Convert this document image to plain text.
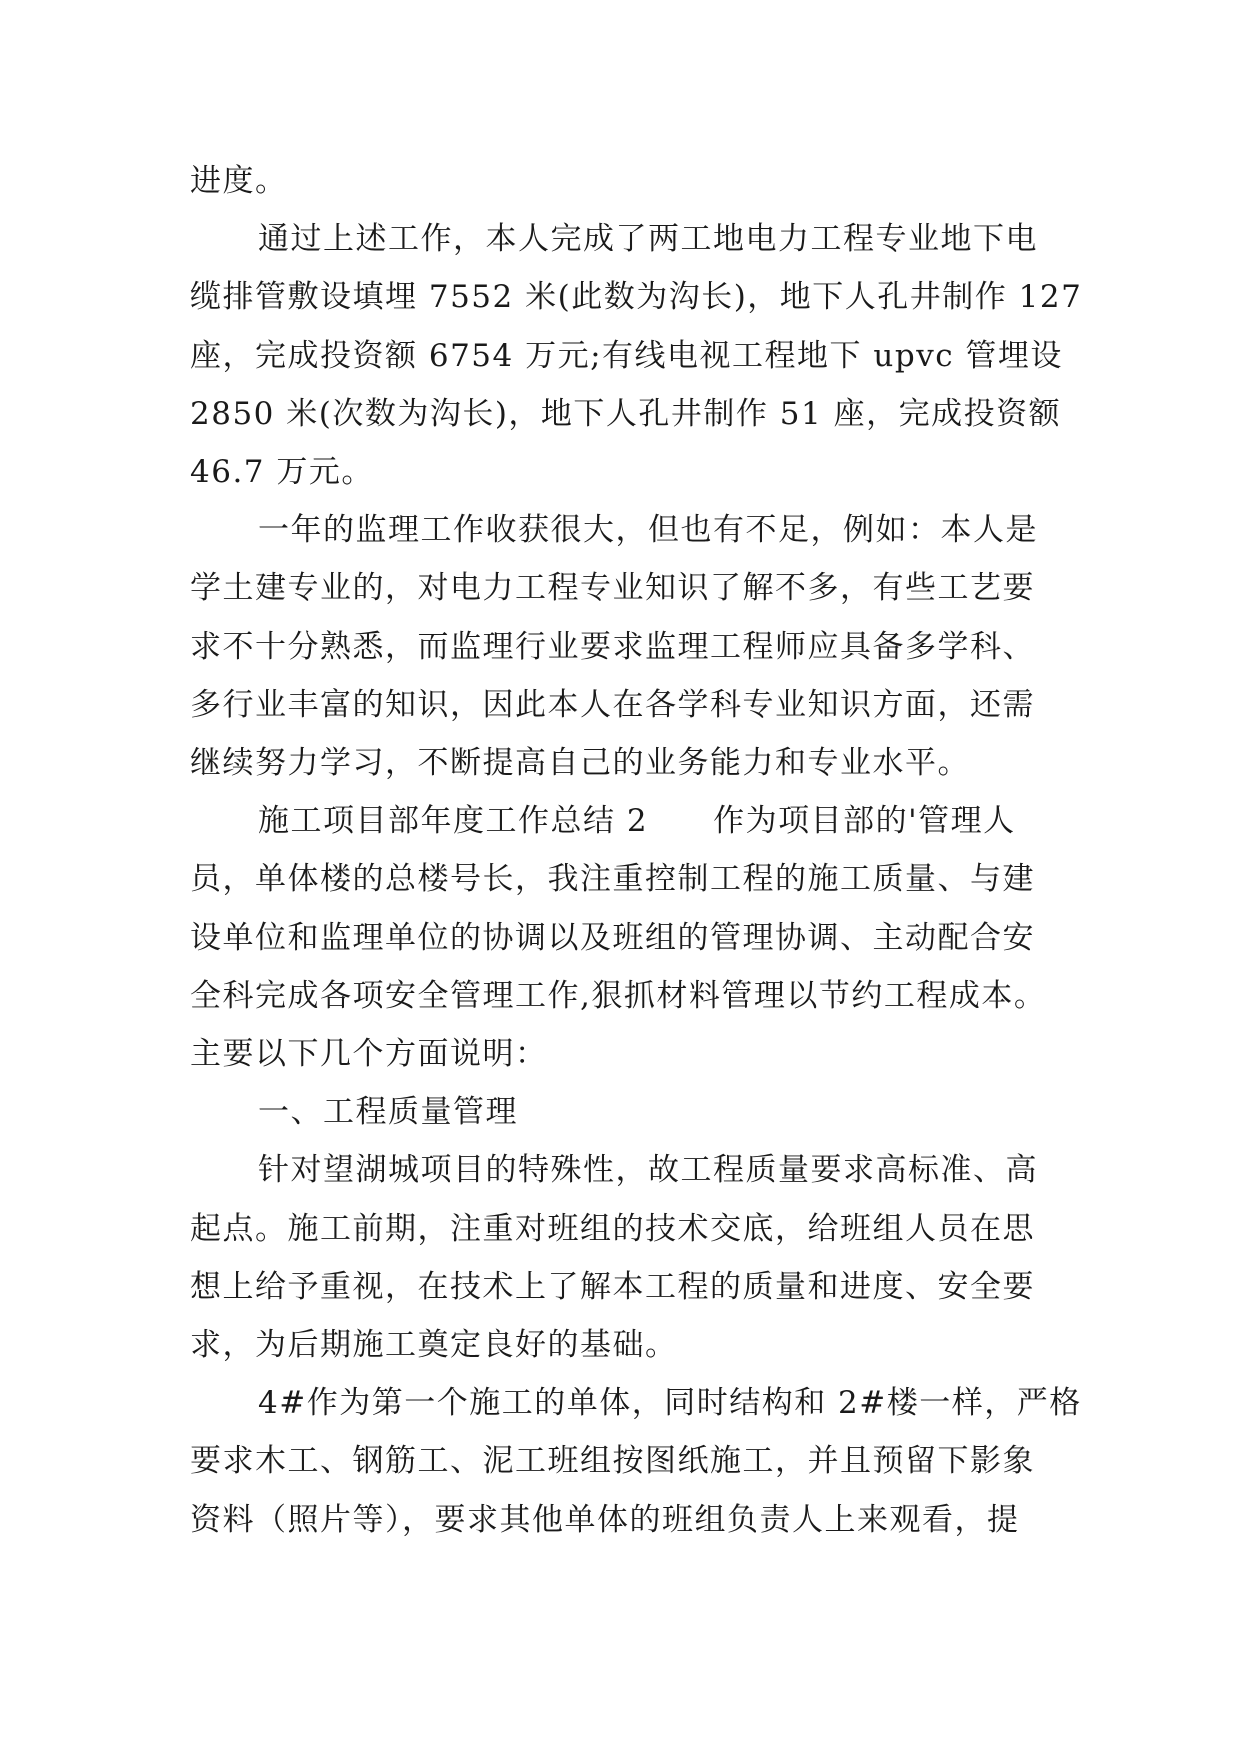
进度。
通过上述工作，本人完成了两工地电力工程专业地下电
缆排管敷设填埋 7552 米(此数为沟长)，地下人孔井制作 127
座，完成投资额 6754 万元;有线电视工程地下 upvc 管埋设
2850 米(次数为沟长)，地下人孔井制作 51 座，完成投资额
46.7 万元。
一年的监理工作收获很大，但也有不足，例如：本人是
学土建专业的，对电力工程专业知识了解不多，有些工艺要
求不十分熟悉，而监理行业要求监理工程师应具备多学科、
多行业丰富的知识，因此本人在各学科专业知识方面，还需
继续努力学习，不断提高自己的业务能力和专业水平。
施工项目部年度工作总结 2　　作为项目部的'管理人
员，单体楼的总楼号长，我注重控制工程的施工质量、与建
设单位和监理单位的协调以及班组的管理协调、主动配合安
全科完成各项安全管理工作,狠抓材料管理以节约工程成本。
主要以下几个方面说明：
一、工程质量管理
针对望湖城项目的特殊性，故工程质量要求高标准、高
起点。施工前期，注重对班组的技术交底，给班组人员在思
想上给予重视，在技术上了解本工程的质量和进度、安全要
求，为后期施工奠定良好的基础。
4#作为第一个施工的单体，同时结构和 2#楼一样，严格
要求木工、钢筋工、泥工班组按图纸施工，并且预留下影象
资料（照片等），要求其他单体的班组负责人上来观看，提
